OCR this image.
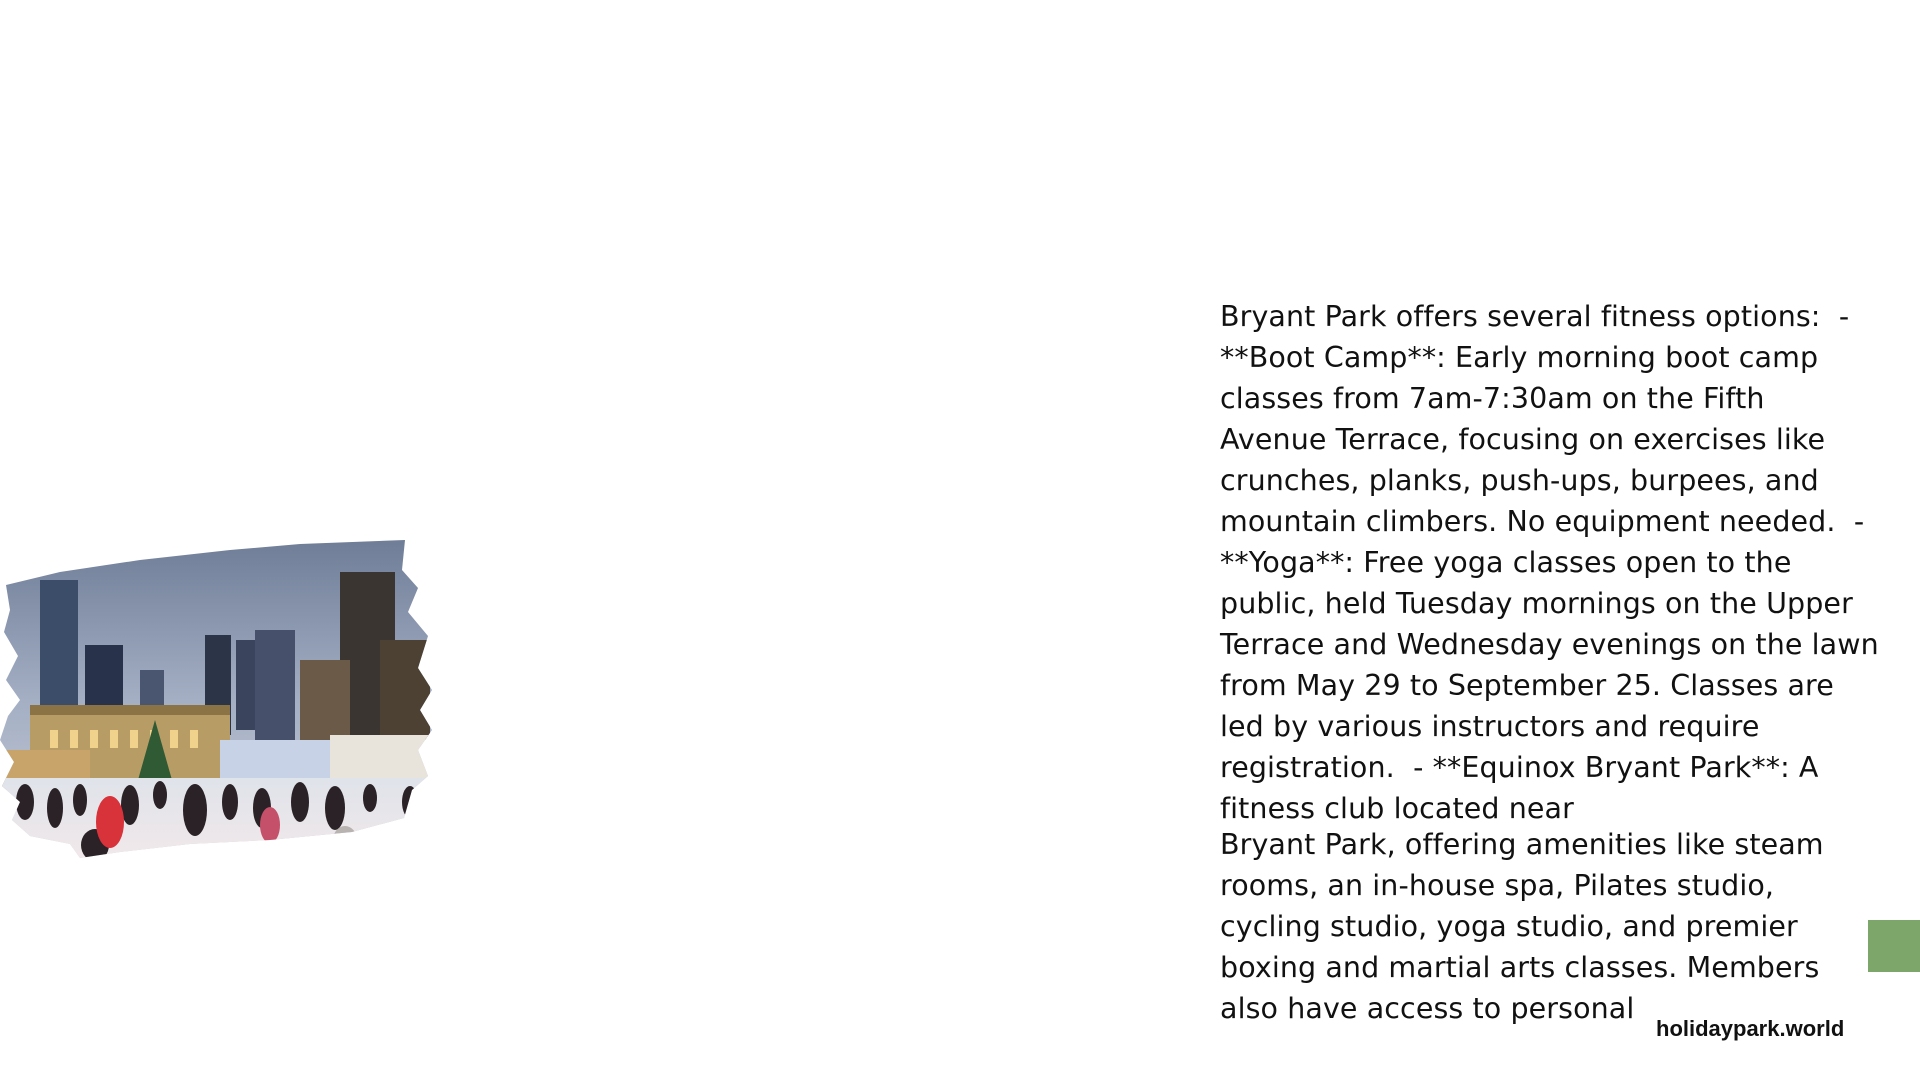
Bryant Park offers several fitness options:  - **Boot Camp**: Early morning boot camp classes from 7am-7:30am on the Fifth Avenue Terrace, focusing on exercises like crunches, planks, push-ups, burpees, and mountain climbers. No equipment needed.  - **Yoga**: Free yoga classes open to the public, held Tuesday mornings on the Upper Terrace and Wednesday evenings on the lawn from May 29 to September 25. Classes are led by various instructors and require registration.  - **Equinox Bryant Park**: A fitness club located near
Bryant Park, offering amenities like steam rooms, an in-house spa, Pilates studio, cycling studio, yoga studio, and premier boxing and martial arts classes. Members also have access to personal
holidaypark.world
